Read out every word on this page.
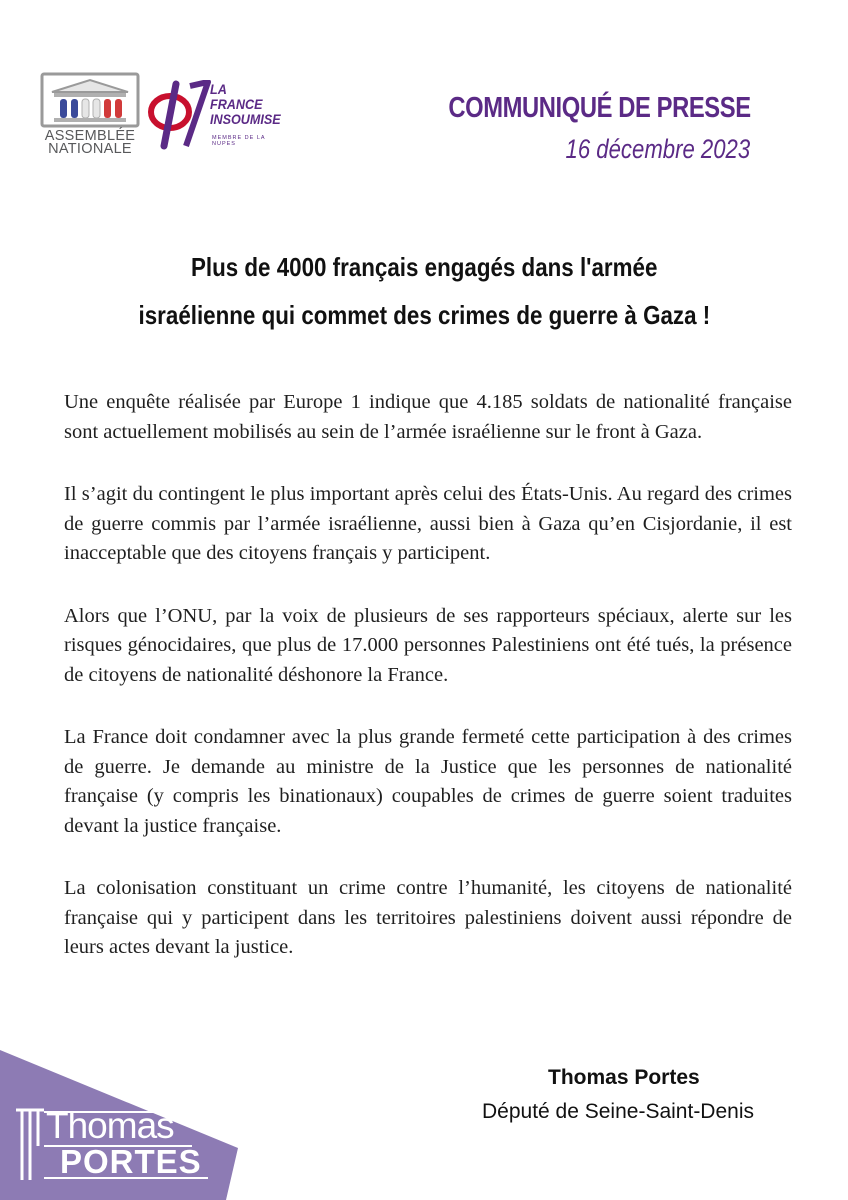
ASSEMBLÉE
NATIONALE
LA
FRANCE
INSOUMISE
MEMBRE DE LA NUPES
COMMUNIQUÉ DE PRESSE
16 décembre 2023
Plus de 4000 français engagés dans l'armée
israélienne qui commet des crimes de guerre à Gaza !

Une enquête réalisée par Europe 1 indique que 4.185 soldats de nationalité française sont actuellement mobilisés au sein de l’armée israélienne sur le front à Gaza.

Il s’agit du contingent le plus important après celui des États-Unis. Au regard des crimes de guerre commis par l’armée israélienne, aussi bien à Gaza qu’en Cisjordanie, il est inacceptable que des citoyens français y participent.

Alors que l’ONU, par la voix de plusieurs de ses rapporteurs spéciaux, alerte sur les risques génocidaires, que plus de 17.000 personnes Palestiniens ont été tués, la présence de citoyens de nationalité déshonore la France.

La France doit condamner avec la plus grande fermeté cette participation à des crimes de guerre. Je demande au ministre de la Justice que les personnes de nationalité française (y compris les binationaux) coupables de crimes de guerre soient traduites devant la justice française.

La colonisation constituant un crime contre l’humanité, les citoyens de nationalité française qui y participent dans les territoires palestiniens doivent aussi répondre de leurs actes devant la justice.

Thomas
PORTES
Thomas Portes
Député de Seine-Saint-Denis
